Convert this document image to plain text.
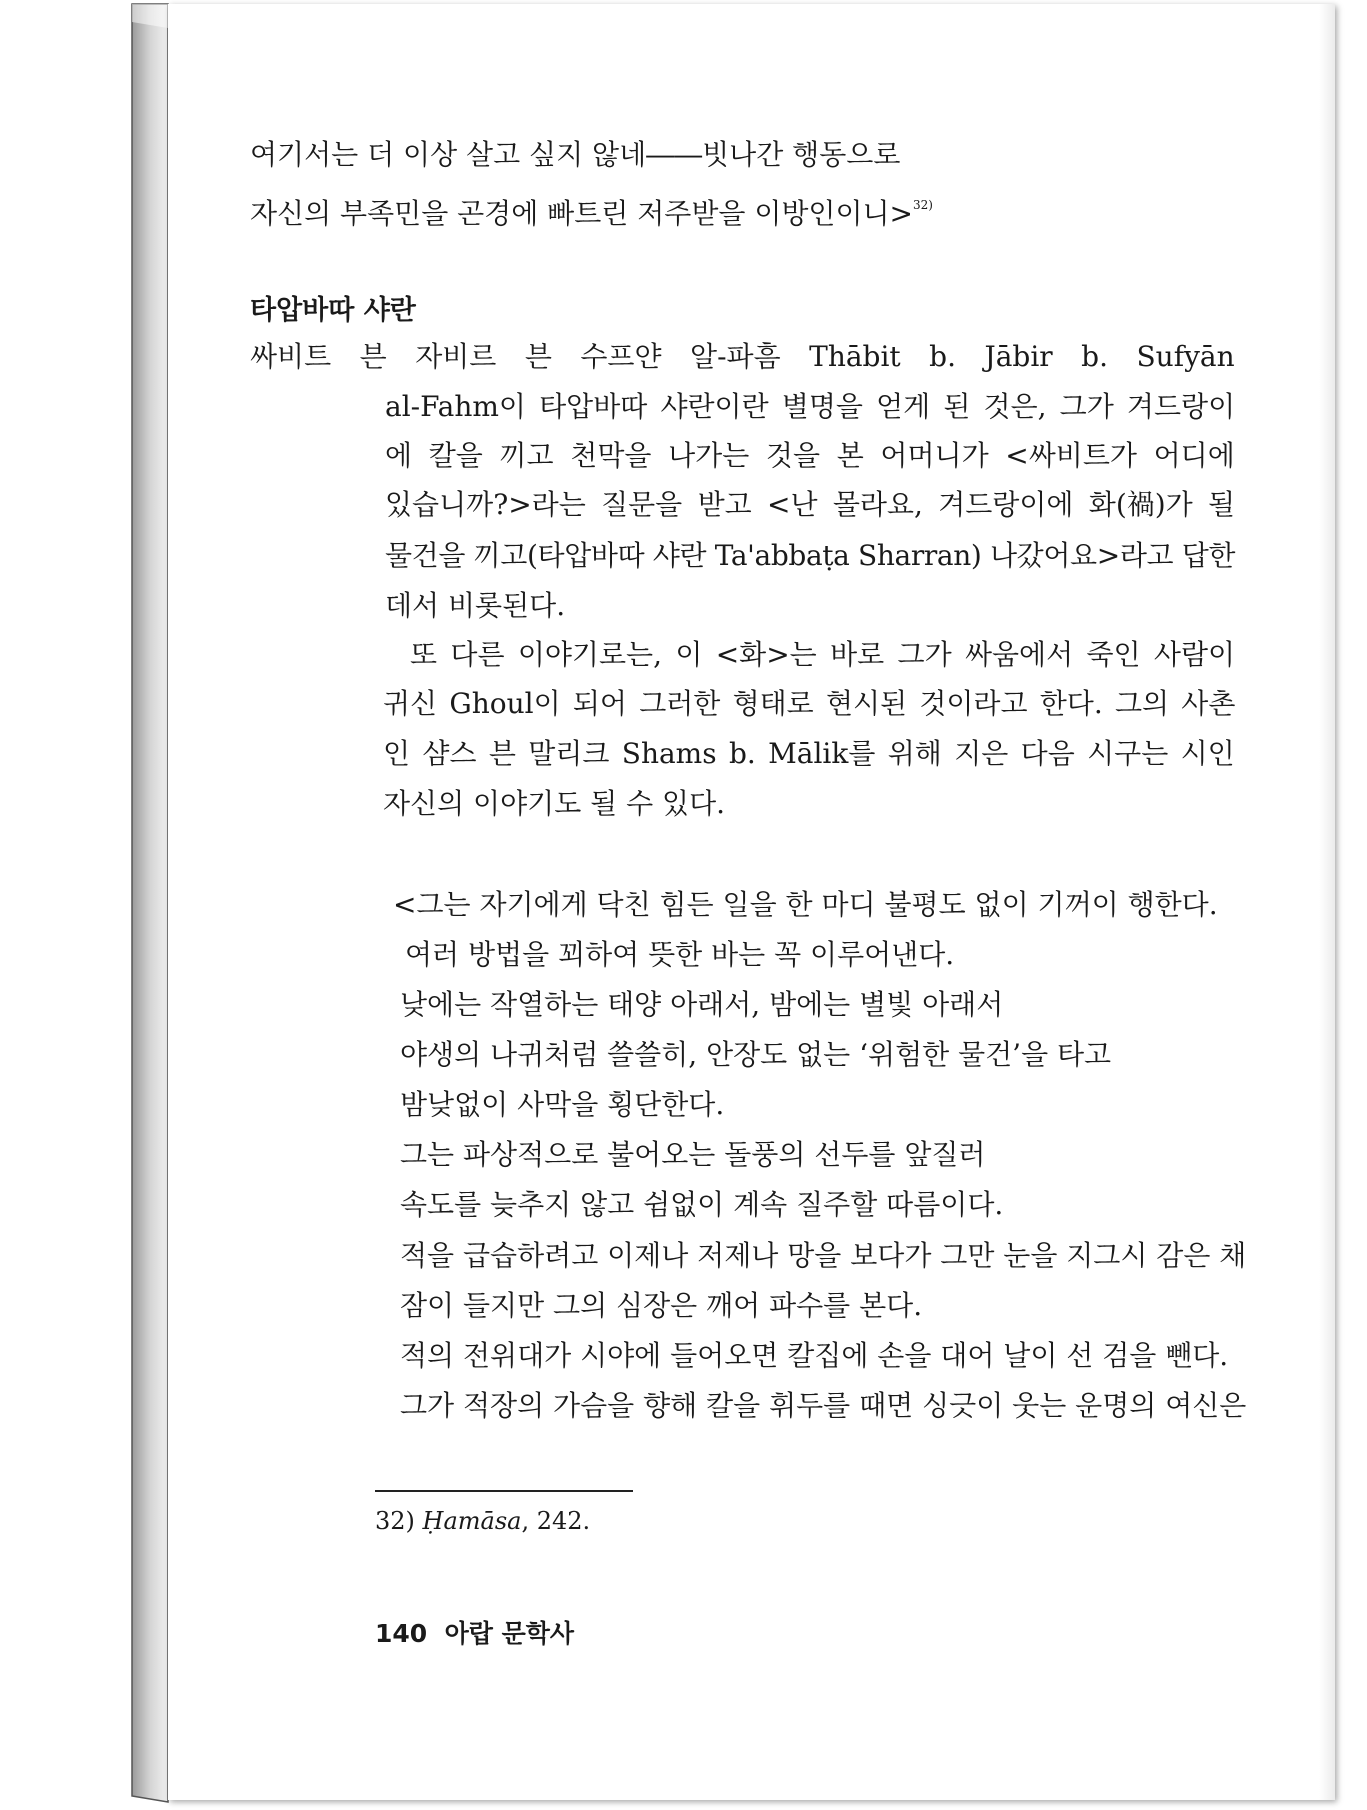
여기서는 더 이상 살고 싶지 않네――빗나간 행동으로
자신의 부족민을 곤경에 빠트린 저주받을 이방인이니>$^{32)}$
타압바따 샤란
싸비트 븐 자비르 븐 수프얀 알-파흠 Thābit b. Jābir b. Sufyān
al-Fahm이 타압바따 샤란이란 별명을 얻게 된 것은, 그가 겨드랑이
에 칼을 끼고 천막을 나가는 것을 본 어머니가 <싸비트가 어디에
있습니까?>라는 질문을 받고 <난 몰라요, 겨드랑이에 화(禍)가 될
물건을 끼고(타압바따 샤란 Ta'abbaṭa Sharran) 나갔어요>라고 답한
데서 비롯된다.
또 다른 이야기로는, 이 <화>는 바로 그가 싸움에서 죽인 사람이
귀신 Ghoul이 되어 그러한 형태로 현시된 것이라고 한다. 그의 사촌
인 샴스 븐 말리크 Shams b. Mālik를 위해 지은 다음 시구는 시인
자신의 이야기도 될 수 있다.
<그는 자기에게 닥친 힘든 일을 한 마디 불평도 없이 기꺼이 행한다.
여러 방법을 꾀하여 뜻한 바는 꼭 이루어낸다.
낮에는 작열하는 태양 아래서, 밤에는 별빛 아래서
야생의 나귀처럼 쓸쓸히, 안장도 없는 ‘위험한 물건’을 타고
밤낮없이 사막을 횡단한다.
그는 파상적으로 불어오는 돌풍의 선두를 앞질러
속도를 늦추지 않고 쉼없이 계속 질주할 따름이다.
적을 급습하려고 이제나 저제나 망을 보다가 그만 눈을 지그시 감은 채
잠이 들지만 그의 심장은 깨어 파수를 본다.
적의 전위대가 시야에 들어오면 칼집에 손을 대어 날이 선 검을 뺀다.
그가 적장의 가슴을 향해 칼을 휘두를 때면 싱긋이 웃는 운명의 여신은
32) Ḥamāsa, 242.
140 아랍 문학사
